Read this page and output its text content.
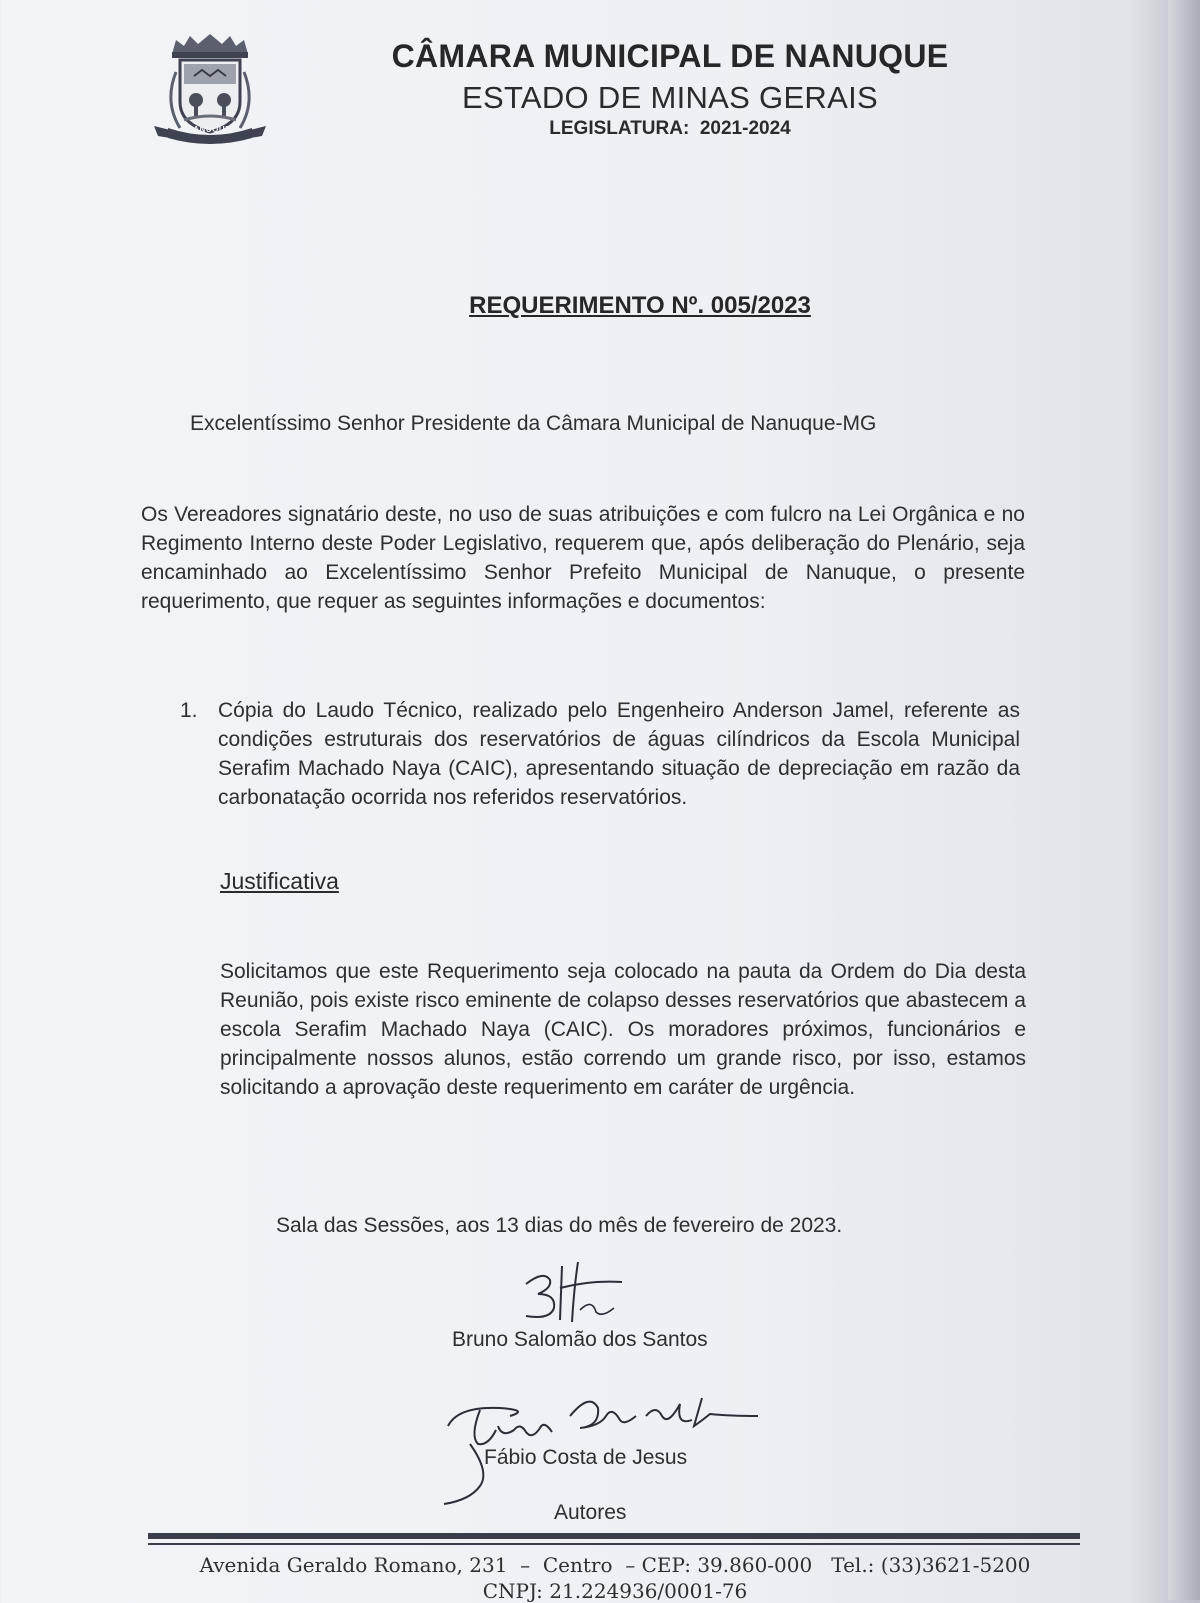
NANUQUE
CÂMARA MUNICIPAL DE NANUQUE
ESTADO DE MINAS GERAIS
LEGISLATURA:  2021-2024
REQUERIMENTO Nº. 005/2023
Excelentíssimo Senhor Presidente da Câmara Municipal de Nanuque-MG
Os Vereadores signatário deste, no uso de suas atribuições e com fulcro na Lei Orgânica e no Regimento Interno deste Poder Legislativo, requerem que, após deliberação do Plenário, seja encaminhado ao Excelentíssimo Senhor Prefeito Municipal de Nanuque, o presente requerimento, que requer as seguintes informações e documentos:
1. Cópia do Laudo Técnico, realizado pelo Engenheiro Anderson Jamel, referente as condições estruturais dos reservatórios de águas cilíndricos da Escola Municipal Serafim Machado Naya (CAIC), apresentando situação de depreciação em razão da carbonatação ocorrida nos referidos reservatórios.
Justificativa
Solicitamos que este Requerimento seja colocado na pauta da Ordem do Dia desta Reunião, pois existe risco eminente de colapso desses reservatórios que abastecem a escola Serafim Machado Naya (CAIC). Os moradores próximos, funcionários e principalmente nossos alunos, estão correndo um grande risco, por isso, estamos solicitando a aprovação deste requerimento em caráter de urgência.
Sala das Sessões, aos 13 dias do mês de fevereiro de 2023.
Bruno Salomão dos Santos
Fábio Costa de Jesus
Autores
Avenida Geraldo Romano, 231  –  Centro  – CEP: 39.860-000   Tel.: (33)3621-5200
CNPJ: 21.224936/0001-76
